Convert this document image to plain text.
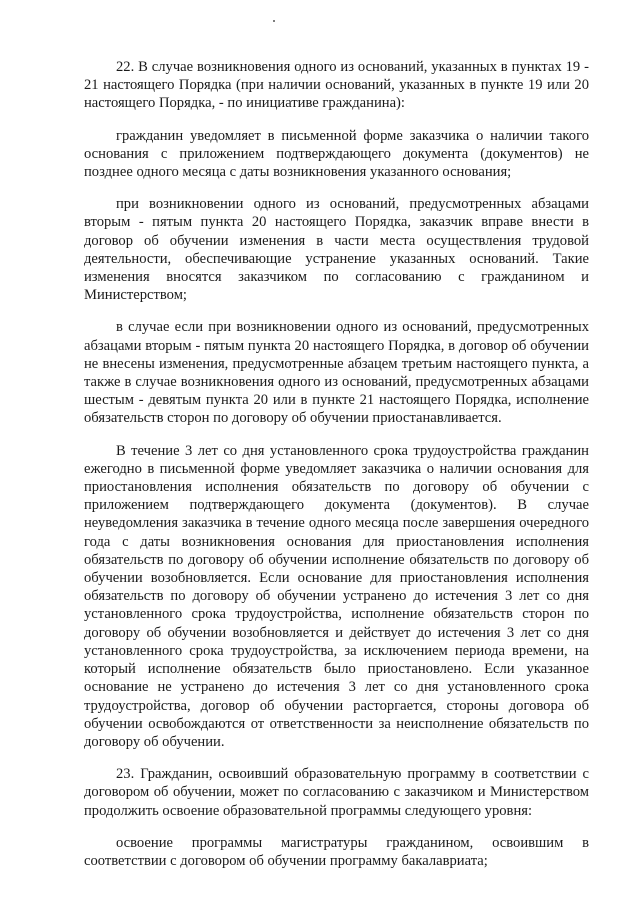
22. В случае возникновения одного из оснований, указанных в пунктах 19 - 21 настоящего Порядка (при наличии оснований, указанных в пункте 19 или 20 настоящего Порядка, - по инициативе гражданина):

гражданин уведомляет в письменной форме заказчика о наличии такого основания с приложением подтверждающего документа (документов) не позднее одного месяца с даты возникновения указанного основания;

при возникновении одного из оснований, предусмотренных абзацами вторым - пятым пункта 20 настоящего Порядка, заказчик вправе внести в договор об обучении изменения в части места осуществления трудовой деятельности, обеспечивающие устранение указанных оснований. Такие изменения вносятся заказчиком по согласованию с гражданином и Министерством;

в случае если при возникновении одного из оснований, предусмотренных абзацами вторым - пятым пункта 20 настоящего Порядка, в договор об обучении не внесены изменения, предусмотренные абзацем третьим настоящего пункта, а также в случае возникновения одного из оснований, предусмотренных абзацами шестым - девятым пункта 20 или в пункте 21 настоящего Порядка, исполнение обязательств сторон по договору об обучении приостанавливается.

В течение 3 лет со дня установленного срока трудоустройства гражданин ежегодно в письменной форме уведомляет заказчика о наличии основания для приостановления исполнения обязательств по договору об обучении с приложением подтверждающего документа (документов). В случае неуведомления заказчика в течение одного месяца после завершения очередного года с даты возникновения основания для приостановления исполнения обязательств по договору об обучении исполнение обязательств по договору об обучении возобновляется. Если основание для приостановления исполнения обязательств по договору об обучении устранено до истечения 3 лет со дня установленного срока трудоустройства, исполнение обязательств сторон по договору об обучении возобновляется и действует до истечения 3 лет со дня установленного срока трудоустройства, за исключением периода времени, на который исполнение обязательств было приостановлено. Если указанное основание не устранено до истечения 3 лет со дня установленного срока трудоустройства, договор об обучении расторгается, стороны договора об обучении освобождаются от ответственности за неисполнение обязательств по договору об обучении.

23. Гражданин, освоивший образовательную программу в соответствии с договором об обучении, может по согласованию с заказчиком и Министерством продолжить освоение образовательной программы следующего уровня:

освоение программы магистратуры гражданином, освоившим в соответствии с договором об обучении программу бакалавриата;
